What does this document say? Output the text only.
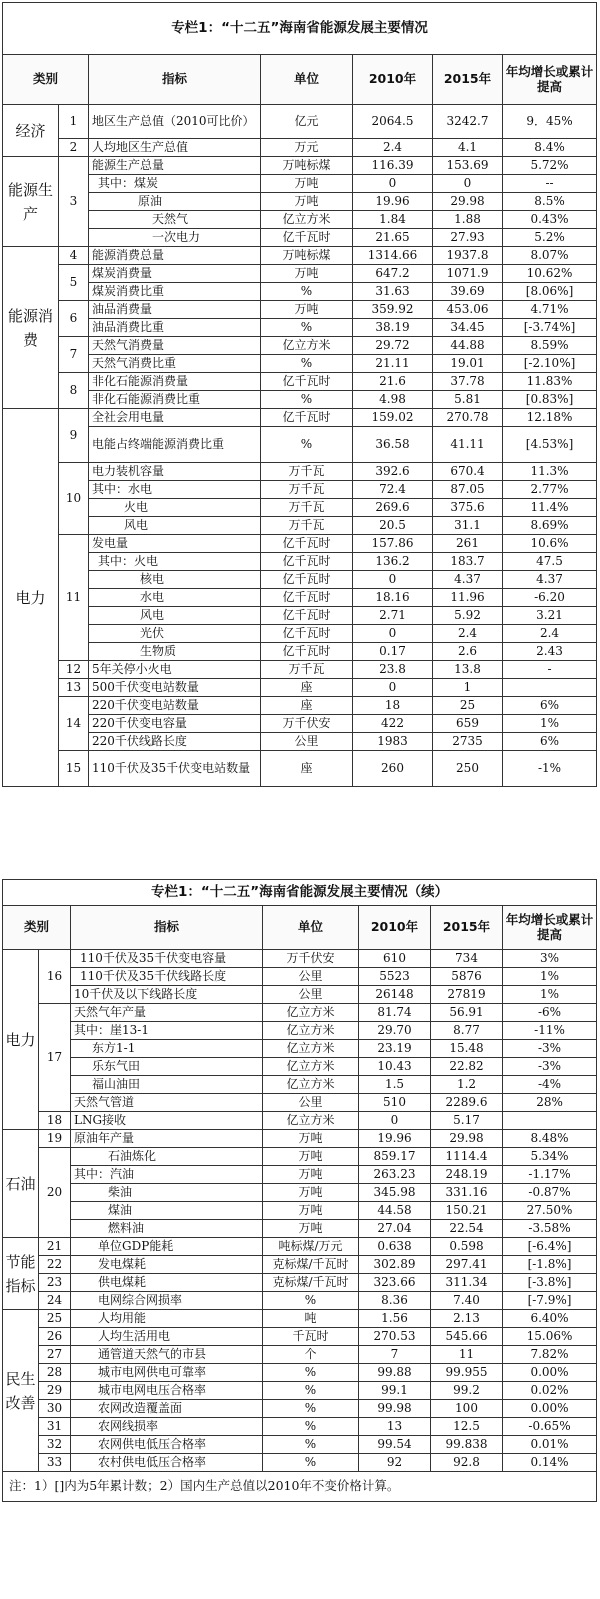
专栏1：“十二五”海南省能源发展主要情况						
类别		指标	单位	2010年	2015年	年均增长或累计提高
经济	1	地区生产总值（2010可比价）	亿元	2064.5	3242.7	9．45%
	2	人均地区生产总值	万元	2.4	4.1	8.4%
能源生产	3	能源生产总量	万吨标煤	116.39	153.69	5.72%
		其中：煤炭	万吨	0	0	--
		原油	万吨	19.96	29.98	8.5%
		天然气	亿立方米	1.84	1.88	0.43%
		一次电力	亿千瓦时	21.65	27.93	5.2%
能源消费	4	能源消费总量	万吨标煤	1314.66	1937.8	8.07%
	5	煤炭消费量	万吨	647.2	1071.9	10.62%
		煤炭消费比重	%	31.63	39.69	[8.06%]
	6	油品消费量	万吨	359.92	453.06	4.71%
		油品消费比重	%	38.19	34.45	[-3.74%]
	7	天然气消费量	亿立方米	29.72	44.88	8.59%
		天然气消费比重	%	21.11	19.01	[-2.10%]
	8	非化石能源消费量	亿千瓦时	21.6	37.78	11.83%
		非化石能源消费比重	%	4.98	5.81	[0.83%]
电力	9	全社会用电量	亿千瓦时	159.02	270.78	12.18%
		电能占终端能源消费比重	%	36.58	41.11	[4.53%]
	10	电力装机容量	万千瓦	392.6	670.4	11.3%
		其中：水电	万千瓦	72.4	87.05	2.77%
		火电	万千瓦	269.6	375.6	11.4%
		风电	万千瓦	20.5	31.1	8.69%
	11	发电量	亿千瓦时	157.86	261	10.6%
		其中：火电	亿千瓦时	136.2	183.7	47.5
		核电	亿千瓦时	0	4.37	4.37
		水电	亿千瓦时	18.16	11.96	-6.20
		风电	亿千瓦时	2.71	5.92	3.21
		光伏	亿千瓦时	0	2.4	2.4
		生物质	亿千瓦时	0.17	2.6	2.43
	12	5年关停小火电	万千瓦	23.8	13.8	-
	13	500千伏变电站数量	座	0	1	
	14	220千伏变电站数量	座	18	25	6%
		220千伏变电容量	万千伏安	422	659	1%
		220千伏线路长度	公里	1983	2735	6%
	15	110千伏及35千伏变电站数量	座	260	250	-1%
专栏1：“十二五”海南省能源发展主要情况（续）						
类别		指标	单位	2010年	2015年	年均增长或累计提高
电力	16	110千伏及35千伏变电容量	万千伏安	610	734	3%
		110千伏及35千伏线路长度	公里	5523	5876	1%
		10千伏及以下线路长度	公里	26148	27819	1%
	17	天然气年产量	亿立方米	81.74	56.91	-6%
		其中：崖13-1	亿立方米	29.70	8.77	-11%
		东方1-1	亿立方米	23.19	15.48	-3%
		乐东气田	亿立方米	10.43	22.82	-3%
		福山油田	亿立方米	1.5	1.2	-4%
		天然气管道	公里	510	2289.6	28%
	18	LNG接收	亿立方米	0	5.17	
石油	19	原油年产量	万吨	19.96	29.98	8.48%
	20	石油炼化	万吨	859.17	1114.4	5.34%
		其中：汽油	万吨	263.23	248.19	-1.17%
		柴油	万吨	345.98	331.16	-0.87%
		煤油	万吨	44.58	150.21	27.50%
		燃料油	万吨	27.04	22.54	-3.58%
节能指标	21	单位GDP能耗	吨标煤/万元	0.638	0.598	[-6.4%]
	22	发电煤耗	克标煤/千瓦时	302.89	297.41	[-1.8%]
	23	供电煤耗	克标煤/千瓦时	323.66	311.34	[-3.8%]
	24	电网综合网损率	%	8.36	7.40	[-7.9%]
民生改善	25	人均用能	吨	1.56	2.13	6.40%
	26	人均生活用电	千瓦时	270.53	545.66	15.06%
	27	通管道天然气的市县	个	7	11	7.82%
	28	城市电网供电可靠率	%	99.88	99.955	0.00%
	29	城市电网电压合格率	%	99.1	99.2	0.02%
	30	农网改造覆盖面	%	99.98	100	0.00%
	31	农网线损率	%	13	12.5	-0.65%
	32	农网供电低压合格率	%	99.54	99.838	0.01%
	33	农村供电低压合格率	%	92	92.8	0.14%
注：1）[]内为5年累计数；2）国内生产总值以2010年不变价格计算。						
